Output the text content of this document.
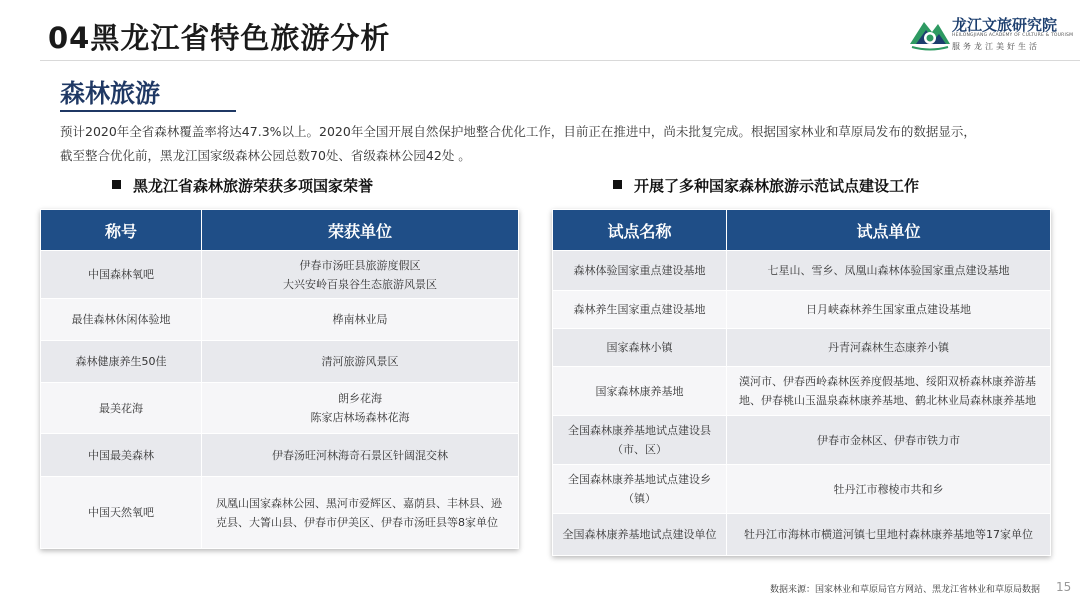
04黑龙江省特色旅游分析	龙江文旅研究院
HEILONGJIANG ACADEMY OF CULTURE & TOURISM
服务龙江美好生活
森林旅游
预计2020年全省森林覆盖率将达47.3%以上。2020年全国开展自然保护地整合优化工作，目前正在推进中，尚未批复完成。根据国家林业和草原局发布的数据显示，
截至整合优化前，黑龙江国家级森林公园总数70处、省级森林公园42处 。
黑龙江省森林旅游荣获多项国家荣誉	开展了多种国家森林旅游示范试点建设工作
称号	荣获单位
中国森林氧吧	伊春市汤旺县旅游度假区
大兴安岭百泉谷生态旅游风景区

最佳森林休闲体验地	桦南林业局

森林健康养生50佳	清河旅游风景区

最美花海	朗乡花海
陈家店林场森林花海

中国最美森林	伊春汤旺河林海奇石景区针阔混交林

中国天然氧吧	凤凰山国家森林公园、黑河市爱辉区、嘉荫县、丰林县、逊
克县、大箐山县、伊春市伊美区、伊春市汤旺县等8家单位
试点名称	试点单位

森林体验国家重点建设基地	七星山、雪乡、凤凰山森林体验国家重点建设基地

森林养生国家重点建设基地	日月峡森林养生国家重点建设基地

国家森林小镇	丹青河森林生态康养小镇

国家森林康养基地	漠河市、伊春西岭森林医养度假基地、绥阳双桥森林康养游基
地、伊春桃山玉温泉森林康养基地、鹤北林业局森林康养基地

全国森林康养基地试点建设县
（市、区）	伊春市金林区、伊春市铁力市

全国森林康养基地试点建设乡
（镇）	牡丹江市穆棱市共和乡

全国森林康养基地试点建设单位	牡丹江市海林市横道河镇七里地村森林康养基地等17家单位
数据来源：国家林业和草原局官方网站、黑龙江省林业和草原局数据 15
